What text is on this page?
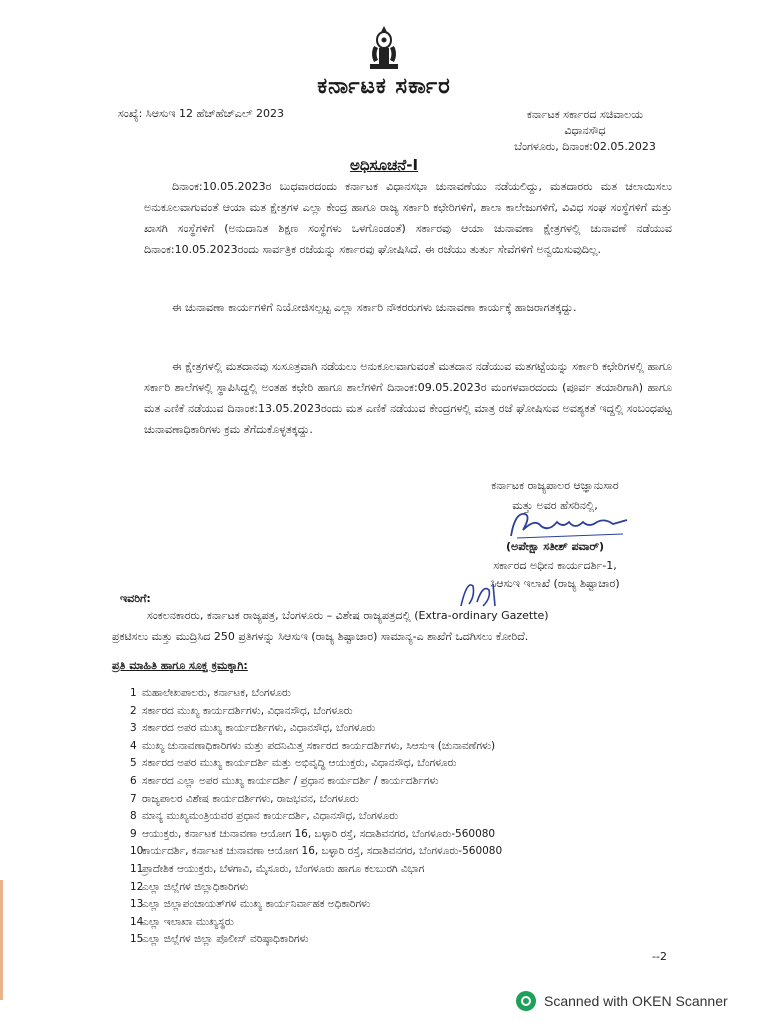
ಕರ್ನಾಟಕ ಸರ್ಕಾರ
ಸಂಖ್ಯೆ: ಸಿಆಸುಇ 12 ಹೆಚ್‌ಹೆಚ್‌ಎಲ್ 2023	ಕರ್ನಾಟಕ ಸರ್ಕಾರದ ಸಚಿವಾಲಯ
ವಿಧಾನಸೌಧ
ಬೆಂಗಳೂರು, ದಿನಾಂಕ:02.05.2023
ಅಧಿಸೂಚನೆ-I
ದಿನಾಂಕ:10.05.2023ರ ಬುಧವಾರದಂದು ಕರ್ನಾಟಕ ವಿಧಾನಸಭಾ ಚುನಾವಣೆಯು ನಡೆಯಲಿದ್ದು, ಮತದಾರರು ಮತ ಚಲಾಯಿಸಲು ಅನುಕೂಲವಾಗುವಂತೆ ಆಯಾ ಮತ ಕ್ಷೇತ್ರಗಳ ಎಲ್ಲಾ ಕೇಂದ್ರ ಹಾಗೂ ರಾಜ್ಯ ಸರ್ಕಾರಿ ಕಛೇರಿಗಳಿಗೆ, ಶಾಲಾ ಕಾಲೇಜುಗಳಿಗೆ, ವಿವಿಧ ಸಂಘ ಸಂಸ್ಥೆಗಳಿಗೆ ಮತ್ತು ಖಾಸಗಿ ಸಂಸ್ಥೆಗಳಿಗೆ (ಅನುದಾನಿತ ಶಿಕ್ಷಣ ಸಂಸ್ಥೆಗಳು ಒಳಗೊಂಡಂತೆ) ಸರ್ಕಾರವು ಆಯಾ ಚುನಾವಣಾ ಕ್ಷೇತ್ರಗಳಲ್ಲಿ ಚುನಾವಣೆ ನಡೆಯುವ ದಿನಾಂಕ:10.05.2023ರಂದು ಸಾರ್ವತ್ರಿಕ ರಜೆಯನ್ನು ಸರ್ಕಾರವು ಘೋಷಿಸಿದೆ. ಈ ರಜೆಯು ತುರ್ತು ಸೇವೆಗಳಿಗೆ ಅನ್ವಯಿಸುವುದಿಲ್ಲ.
ಈ ಚುನಾವಣಾ ಕಾರ್ಯಗಳಿಗೆ ನಿಯೋಜಿಸಲ್ಪಟ್ಟ ಎಲ್ಲಾ ಸರ್ಕಾರಿ ನೌಕರರುಗಳು ಚುನಾವಣಾ ಕಾರ್ಯಕ್ಕೆ ಹಾಜರಾಗತಕ್ಕದ್ದು.
ಈ ಕ್ಷೇತ್ರಗಳಲ್ಲಿ ಮತದಾನವು ಸುಸೂತ್ರವಾಗಿ ನಡೆಯಲು ಅನುಕೂಲವಾಗುವಂತೆ ಮತದಾನ ನಡೆಯುವ ಮತಗಟ್ಟೆಯನ್ನು ಸರ್ಕಾರಿ ಕಛೇರಿಗಳಲ್ಲಿ ಹಾಗೂ ಸರ್ಕಾರಿ ಶಾಲೆಗಳಲ್ಲಿ ಸ್ಥಾಪಿಸಿದ್ದಲ್ಲಿ ಅಂತಹ ಕಛೇರಿ ಹಾಗೂ ಶಾಲೆಗಳಿಗೆ ದಿನಾಂಕ:09.05.2023ರ ಮಂಗಳವಾರದಂದು (ಪೂರ್ವ ತಯಾರಿಗಾಗಿ) ಹಾಗೂ ಮತ ಎಣಿಕೆ ನಡೆಯುವ ದಿನಾಂಕ:13.05.2023ರಂದು ಮತ ಎಣಿಕೆ ನಡೆಯುವ ಕೇಂದ್ರಗಳಲ್ಲಿ ಮಾತ್ರ ರಜೆ ಘೋಷಿಸುವ ಅವಶ್ಯಕತೆ ಇದ್ದಲ್ಲಿ ಸಂಬಂಧಪಟ್ಟ ಚುನಾವಣಾಧಿಕಾರಿಗಳು ಕ್ರಮ ತೆಗೆದುಕೊಳ್ಳತಕ್ಕದ್ದು.
ಕರ್ನಾಟಕ ರಾಜ್ಯಪಾಲರ ಆಜ್ಞಾನುಸಾರ
ಮತ್ತು ಅವರ ಹೆಸರಿನಲ್ಲಿ,
(ಅಪೇಕ್ಷಾ ಸತೀಶ್ ಪವಾರ್)
ಸರ್ಕಾರದ ಅಧೀನ ಕಾರ್ಯದರ್ಶಿ-1,
ಸಿಆಸುಇ ಇಲಾಖೆ (ರಾಜ್ಯ ಶಿಷ್ಟಾಚಾರ)
ಇವರಿಗೆ:
ಸಂಕಲನಕಾರರು, ಕರ್ನಾಟಕ ರಾಜ್ಯಪತ್ರ, ಬೆಂಗಳೂರು – ವಿಶೇಷ ರಾಜ್ಯಪತ್ರದಲ್ಲಿ (Extra-ordinary Gazette)
ಪ್ರಕಟಿಸಲು ಮತ್ತು ಮುದ್ರಿಸಿದ 250 ಪ್ರತಿಗಳನ್ನು ಸಿಆಸುಇ (ರಾಜ್ಯ ಶಿಷ್ಟಾಚಾರ) ಸಾಮಾನ್ಯ-ಎ ಶಾಖೆಗೆ ಒದಗಿಸಲು ಕೋರಿದೆ.
ಪ್ರತಿ ಮಾಹಿತಿ ಹಾಗೂ ಸೂಕ್ತ ಕ್ರಮಕ್ಕಾಗಿ:
1 ಮಹಾಲೇಖಪಾಲರು, ಕರ್ನಾಟಕ, ಬೆಂಗಳೂರು
2 ಸರ್ಕಾರದ ಮುಖ್ಯ ಕಾರ್ಯದರ್ಶಿಗಳು, ವಿಧಾನಸೌಧ, ಬೆಂಗಳೂರು
3 ಸರ್ಕಾರದ ಅಪರ ಮುಖ್ಯ ಕಾರ್ಯದರ್ಶಿಗಳು, ವಿಧಾನಸೌಧ, ಬೆಂಗಳೂರು
4 ಮುಖ್ಯ ಚುನಾವಣಾಧಿಕಾರಿಗಳು ಮತ್ತು ಪದನಿಮಿತ್ತ ಸರ್ಕಾರದ ಕಾರ್ಯದರ್ಶಿಗಳು, ಸಿಆಸುಇ (ಚುನಾವಣೆಗಳು)
5 ಸರ್ಕಾರದ ಅಪರ ಮುಖ್ಯ ಕಾರ್ಯದರ್ಶಿ ಮತ್ತು ಅಭಿವೃದ್ಧಿ ಆಯುಕ್ತರು, ವಿಧಾನಸೌಧ, ಬೆಂಗಳೂರು
6 ಸರ್ಕಾರದ ಎಲ್ಲಾ ಅಪರ ಮುಖ್ಯ ಕಾರ್ಯದರ್ಶಿ / ಪ್ರಧಾನ ಕಾರ್ಯದರ್ಶಿ / ಕಾರ್ಯದರ್ಶಿಗಳು
7 ರಾಜ್ಯಪಾಲರ ವಿಶೇಷ ಕಾರ್ಯದರ್ಶಿಗಳು, ರಾಜಭವನ, ಬೆಂಗಳೂರು
8 ಮಾನ್ಯ ಮುಖ್ಯಮಂತ್ರಿಯವರ ಪ್ರಧಾನ ಕಾರ್ಯದರ್ಶಿ, ವಿಧಾನಸೌಧ, ಬೆಂಗಳೂರು
9 ಆಯುಕ್ತರು, ಕರ್ನಾಟಕ ಚುನಾವಣಾ ಆಯೋಗ 16, ಬಳ್ಳಾರಿ ರಸ್ತೆ, ಸದಾಶಿವನಗರ, ಬೆಂಗಳೂರು-560080
10ಕಾರ್ಯದರ್ಶಿ, ಕರ್ನಾಟಕ ಚುನಾವಣಾ ಆಯೋಗ 16, ಬಳ್ಳಾರಿ ರಸ್ತೆ, ಸದಾಶಿವನಗರ, ಬೆಂಗಳೂರು-560080
11ಪ್ರಾದೇಶಿಕ ಆಯುಕ್ತರು, ಬೆಳಗಾವಿ, ಮೈಸೂರು, ಬೆಂಗಳೂರು ಹಾಗೂ ಕಲಬುರಗಿ ವಿಭಾಗ
12ಎಲ್ಲಾ ಜಿಲ್ಲೆಗಳ ಜಿಲ್ಲಾಧಿಕಾರಿಗಳು
13ಎಲ್ಲಾ ಜಿಲ್ಲಾಪಂಚಾಯತ್‌ಗಳ ಮುಖ್ಯ ಕಾರ್ಯನಿರ್ವಾಹಕ ಅಧಿಕಾರಿಗಳು
14ಎಲ್ಲಾ ಇಲಾಖಾ ಮುಖ್ಯಸ್ಥರು
15ಎಲ್ಲಾ ಜಿಲ್ಲೆಗಳ ಜಿಲ್ಲಾ ಪೊಲೀಸ್ ವರಿಷ್ಠಾಧಿಕಾರಿಗಳು
--2
Scanned with OKEN Scanner
